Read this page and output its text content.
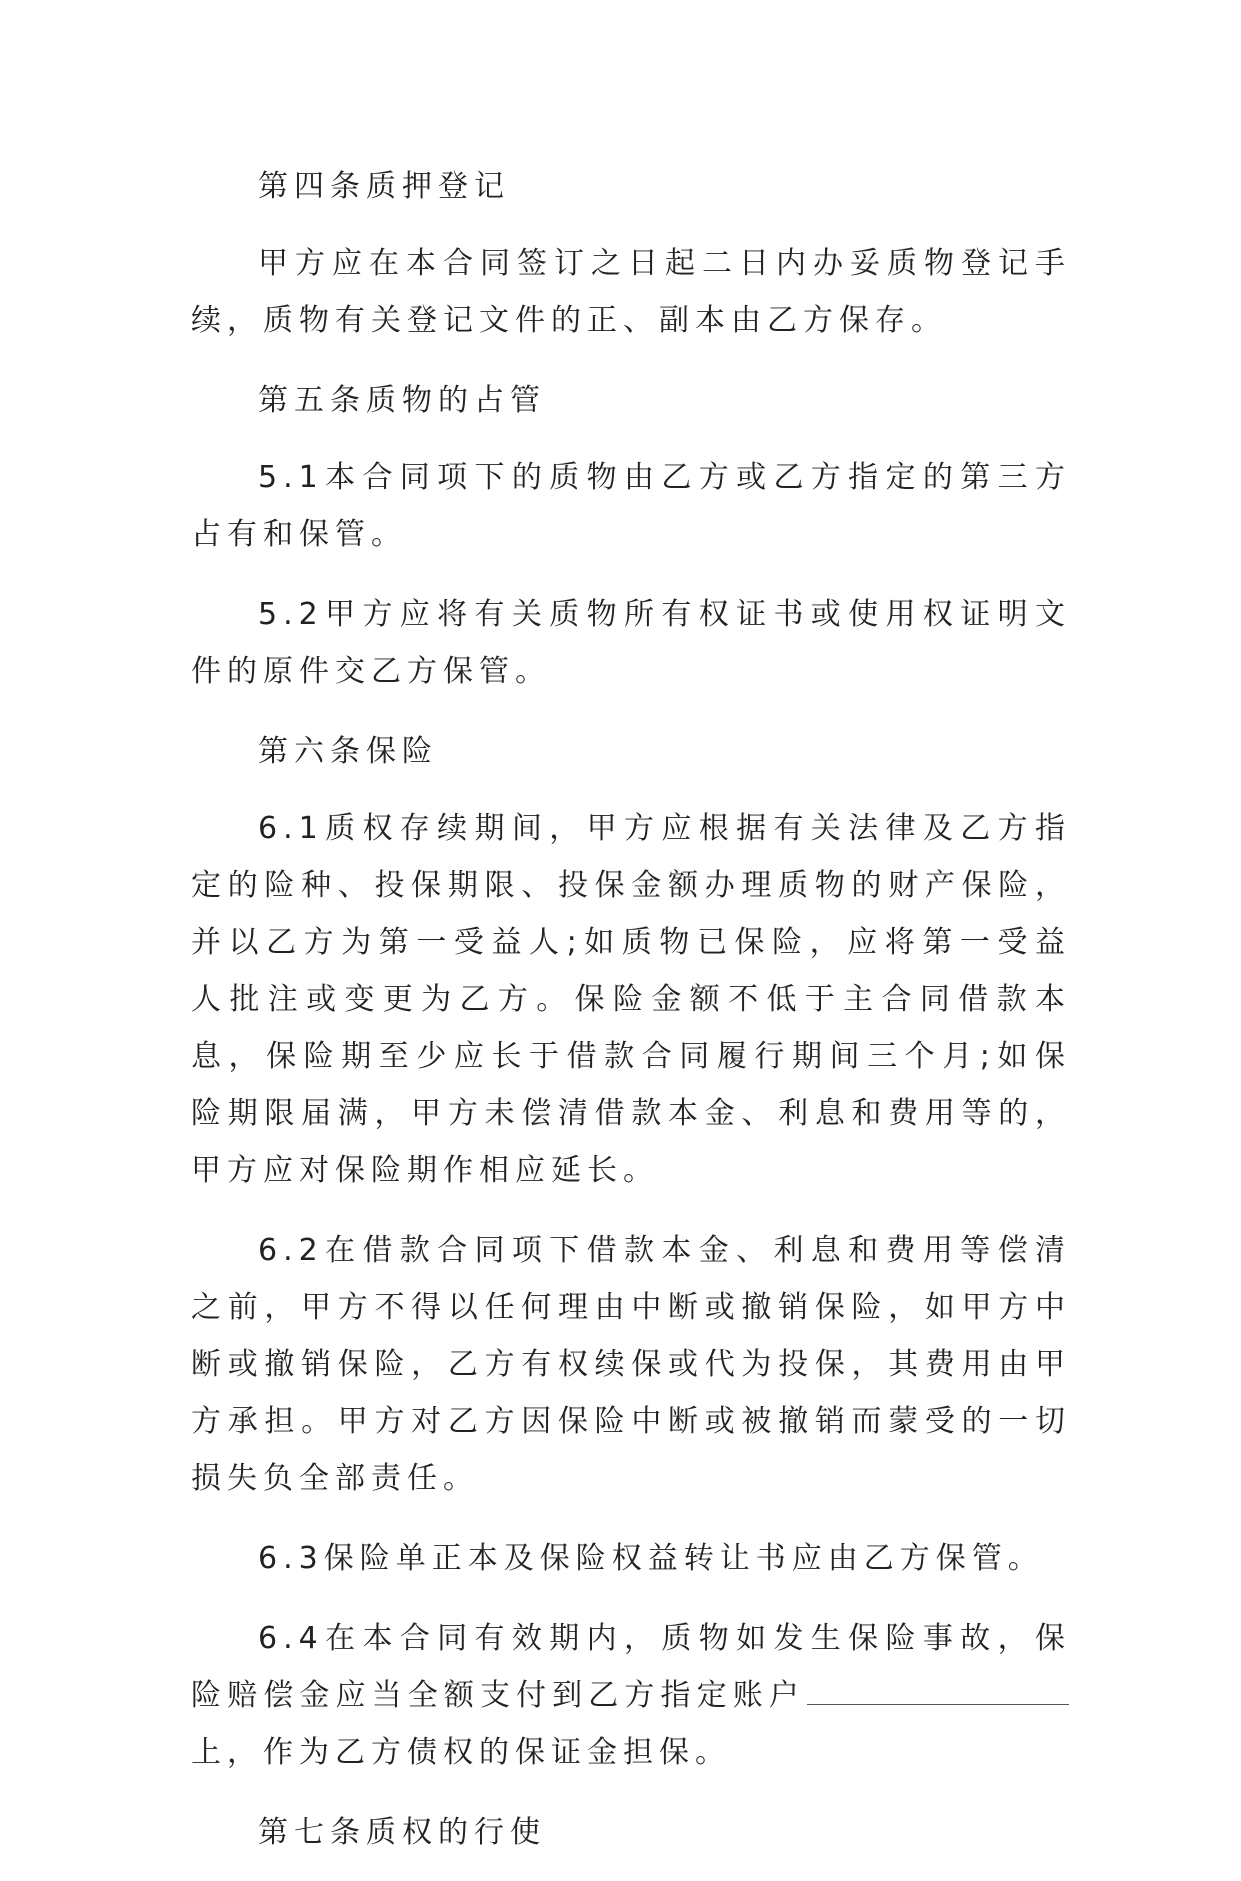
第四条质押登记

甲方应在本合同签订之日起二日内办妥质物登记手续，质物有关登记文件的正、副本由乙方保存。

第五条质物的占管

5.1本合同项下的质物由乙方或乙方指定的第三方占有和保管。

5.2甲方应将有关质物所有权证书或使用权证明文件的原件交乙方保管。

第六条保险

6.1质权存续期间，甲方应根据有关法律及乙方指定的险种、投保期限、投保金额办理质物的财产保险，并以乙方为第一受益人;如质物已保险，应将第一受益人批注或变更为乙方。保险金额不低于主合同借款本息，保险期至少应长于借款合同履行期间三个月;如保险期限届满，甲方未偿清借款本金、利息和费用等的，甲方应对保险期作相应延长。

6.2在借款合同项下借款本金、利息和费用等偿清之前，甲方不得以任何理由中断或撤销保险，如甲方中断或撤销保险，乙方有权续保或代为投保，其费用由甲方承担。甲方对乙方因保险中断或被撤销而蒙受的一切损失负全部责任。

6.3保险单正本及保险权益转让书应由乙方保管。

6.4在本合同有效期内，质物如发生保险事故，保险赔偿金应当全额支付到乙方指定账户上，作为乙方债权的保证金担保。

第七条质权的行使
